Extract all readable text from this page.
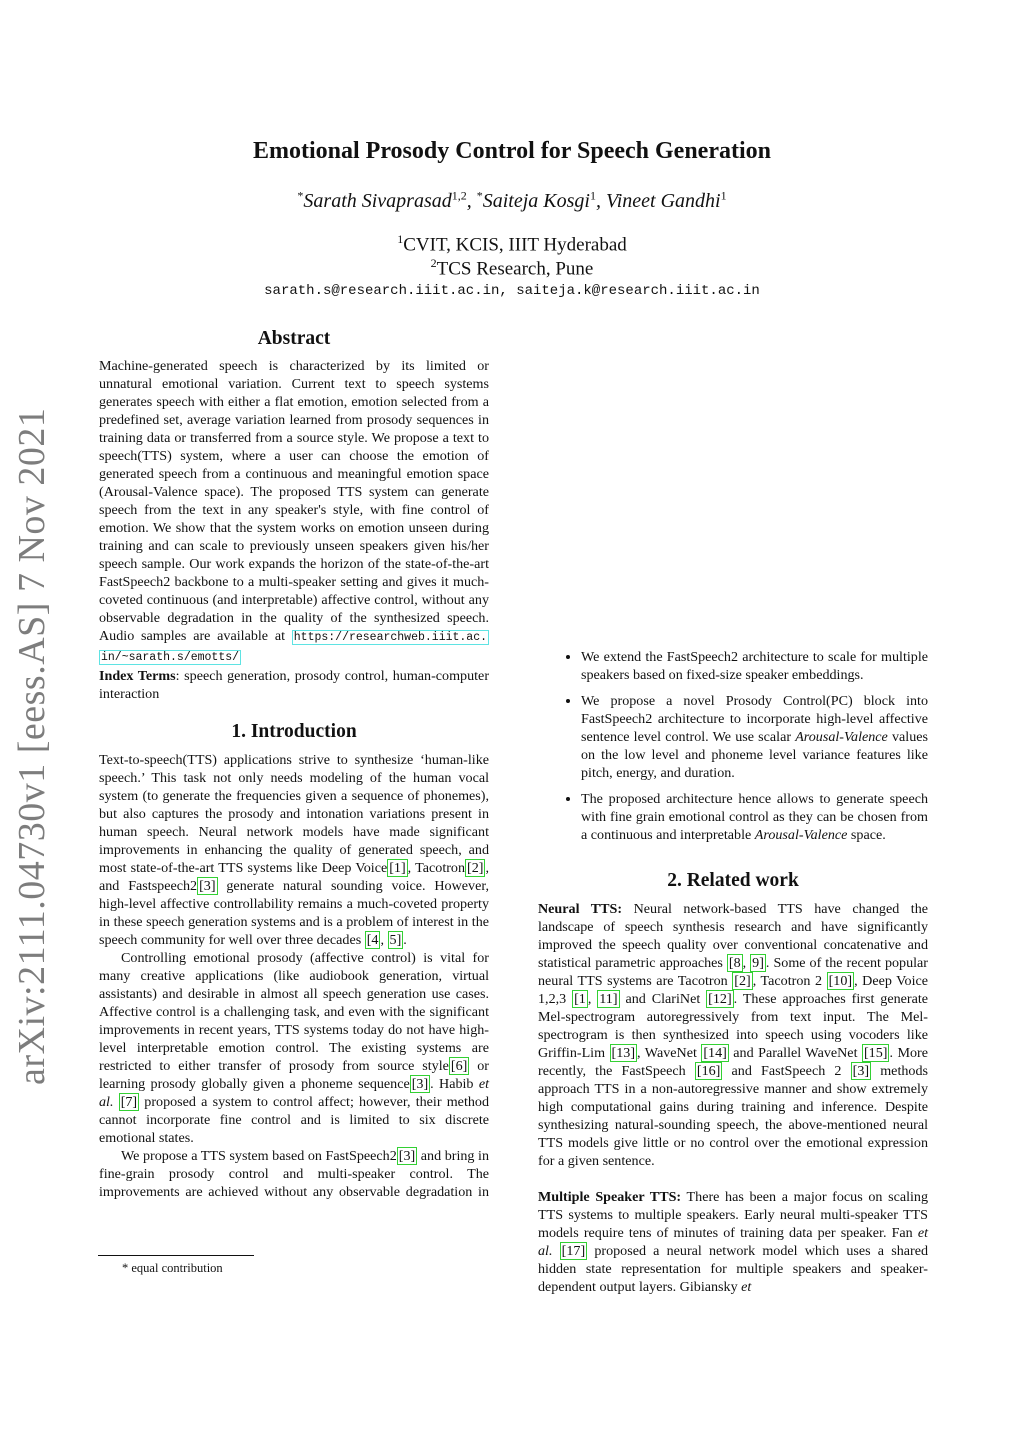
arXiv:2111.04730v1 [eess.AS] 7 Nov 2021
Emotional Prosody Control for Speech Generation
*Sarath Sivaprasad$^{1,2}$, *Saiteja Kosgi$^1$, Vineet Gandhi$^1$
$^1$CVIT, KCIS, IIIT Hyderabad
$^2$TCS Research, Pune
sarath.s@research.iiit.ac.in, saiteja.k@research.iiit.ac.in
Abstract

Machine-generated speech is characterized by its limited or unnatural emotional variation. Current text to speech systems generates speech with either a flat emotion, emotion selected from a predefined set, average variation learned from prosody sequences in training data or transferred from a source style. We propose a text to speech(TTS) system, where a user can choose the emotion of generated speech from a continuous and meaningful emotion space (Arousal-Valence space). The proposed TTS system can generate speech from the text in any speaker's style, with fine control of emotion. We show that the system works on emotion unseen during training and can scale to previously unseen speakers given his/her speech sample. Our work expands the horizon of the state-of-the-art FastSpeech2 backbone to a multi-speaker setting and gives it much-coveted continuous (and interpretable) affective control, without any observable degradation in the quality of the synthesized speech. Audio samples are available at https://researchweb.iiit.ac. in/~sarath.s/emotts/

Index Terms: speech generation, prosody control, human-computer interaction

1. Introduction

Text-to-speech(TTS) applications strive to synthesize ‘human-like speech.’ This task not only needs modeling of the human vocal system (to generate the frequencies given a sequence of phonemes), but also captures the prosody and intonation variations present in human speech. Neural network models have made significant improvements in enhancing the quality of generated speech, and most state-of-the-art TTS systems like Deep Voice [1] , Tacotron [2] , and Fastspeech2 [3] generate natural sounding voice. However, high-level affective controllability remains a much-coveted property in these speech generation systems and is a problem of interest in the speech community for well over three decades [4 , 5] .

Controlling emotional prosody (affective control) is vital for many creative applications (like audiobook generation, virtual assistants) and desirable in almost all speech generation use cases. Affective control is a challenging task, and even with the significant improvements in recent years, TTS systems today do not have high-level interpretable emotion control. The existing systems are restricted to either transfer of prosody from source style [6] or learning prosody globally given a phoneme sequence [3] . Habib et al. [7] proposed a system to control affect; however, their method cannot incorporate fine control and is limited to six discrete emotional states.

We propose a TTS system based on FastSpeech2 [3] and bring in fine-grain prosody control and multi-speaker control. The improvements are achieved without any observable degradation in

* equal contribution

• We extend the FastSpeech2 architecture to scale for multiple speakers based on fixed-size speaker embeddings.
• We propose a novel Prosody Control(PC) block into FastSpeech2 architecture to incorporate high-level affective sentence level control. We use scalar Arousal-Valence values on the low level and phoneme level variance features like pitch, energy, and duration.
• The proposed architecture hence allows to generate speech with fine grain emotional control as they can be chosen from a continuous and interpretable Arousal-Valence space.
2. Related work

Neural TTS: Neural network-based TTS have changed the landscape of speech synthesis research and have significantly improved the speech quality over conventional concatenative and statistical parametric approaches [8 , 9] . Some of the recent popular neural TTS systems are Tacotron [2] , Tacotron 2 [10] , Deep Voice 1,2,3 [1 , 11] and ClariNet [12] . These approaches first generate Mel-spectrogram autoregressively from text input. The Mel-spectrogram is then synthesized into speech using vocoders like Griffin-Lim [13] , WaveNet [14] and Parallel WaveNet [15] . More recently, the FastSpeech [16] and FastSpeech 2 [3] methods approach TTS in a non-autoregressive manner and show extremely high computational gains during training and inference. Despite synthesizing natural-sounding speech, the above-mentioned neural TTS models give little or no control over the emotional expression for a given sentence.

Multiple Speaker TTS: There has been a major focus on scaling TTS systems to multiple speakers. Early neural multi-speaker TTS models require tens of minutes of training data per speaker. Fan et al. [17] proposed a neural network model which uses a shared hidden state representation for multiple speakers and speaker-dependent output layers. Gibiansky et
